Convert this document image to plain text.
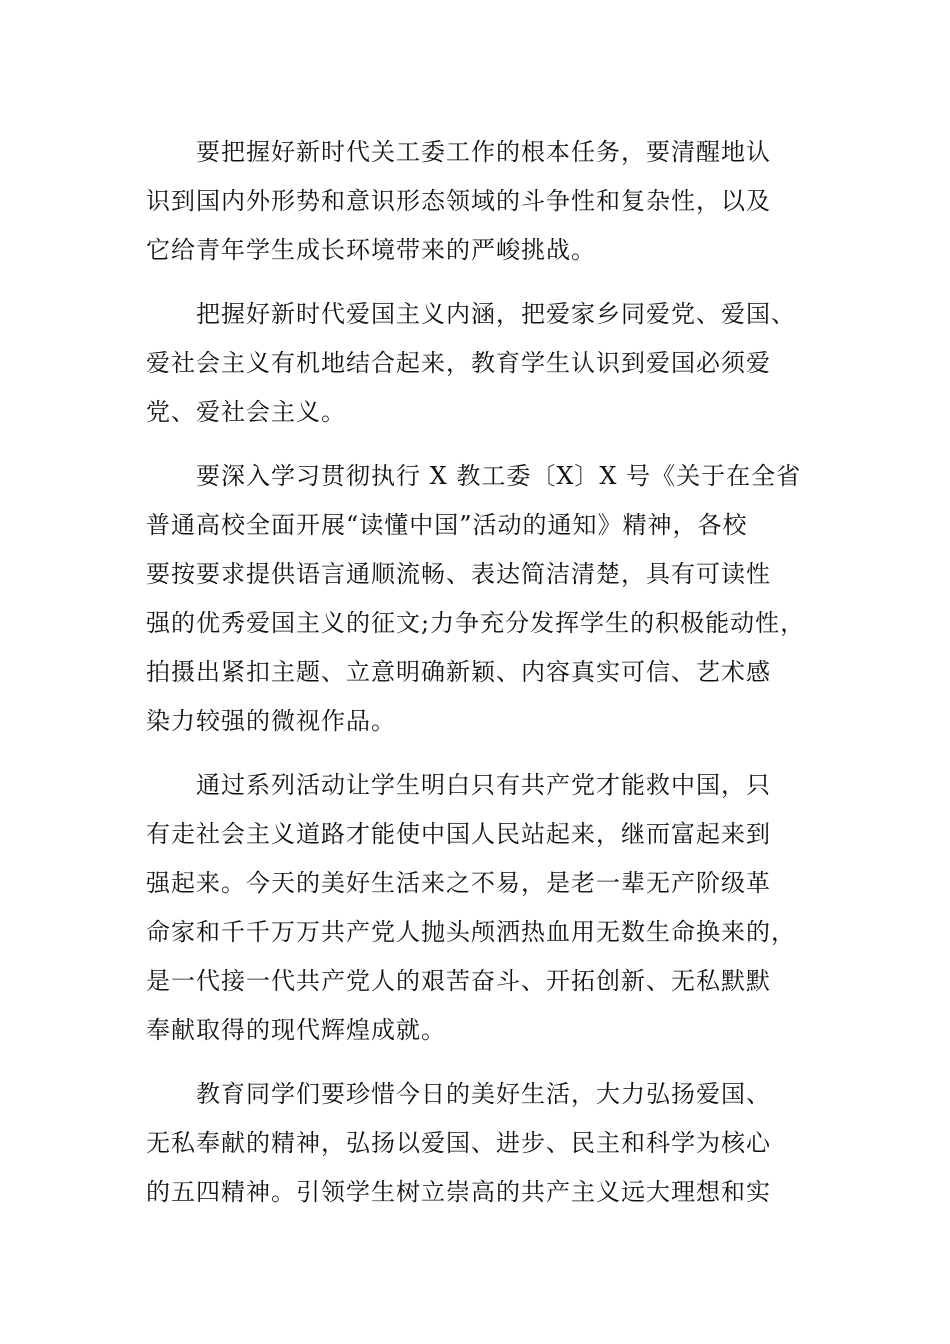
要把握好新时代关工委工作的根本任务，要清醒地认
识到国内外形势和意识形态领域的斗争性和复杂性，以及
它给青年学生成长环境带来的严峻挑战。
把握好新时代爱国主义内涵，把爱家乡同爱党、爱国、
爱社会主义有机地结合起来，教育学生认识到爱国必须爱
党、爱社会主义。
要深入学习贯彻执行 X 教工委〔X〕X 号《关于在全省
普通高校全面开展“读懂中国”活动的通知》精神，各校
要按要求提供语言通顺流畅、表达简洁清楚，具有可读性
强的优秀爱国主义的征文;力争充分发挥学生的积极能动性，
拍摄出紧扣主题、立意明确新颖、内容真实可信、艺术感
染力较强的微视作品。
通过系列活动让学生明白只有共产党才能救中国，只
有走社会主义道路才能使中国人民站起来，继而富起来到
强起来。今天的美好生活来之不易，是老一辈无产阶级革
命家和千千万万共产党人抛头颅洒热血用无数生命换来的，
是一代接一代共产党人的艰苦奋斗、开拓创新、无私默默
奉献取得的现代辉煌成就。
教育同学们要珍惜今日的美好生活，大力弘扬爱国、
无私奉献的精神，弘扬以爱国、进步、民主和科学为核心
的五四精神。引领学生树立崇高的共产主义远大理想和实
